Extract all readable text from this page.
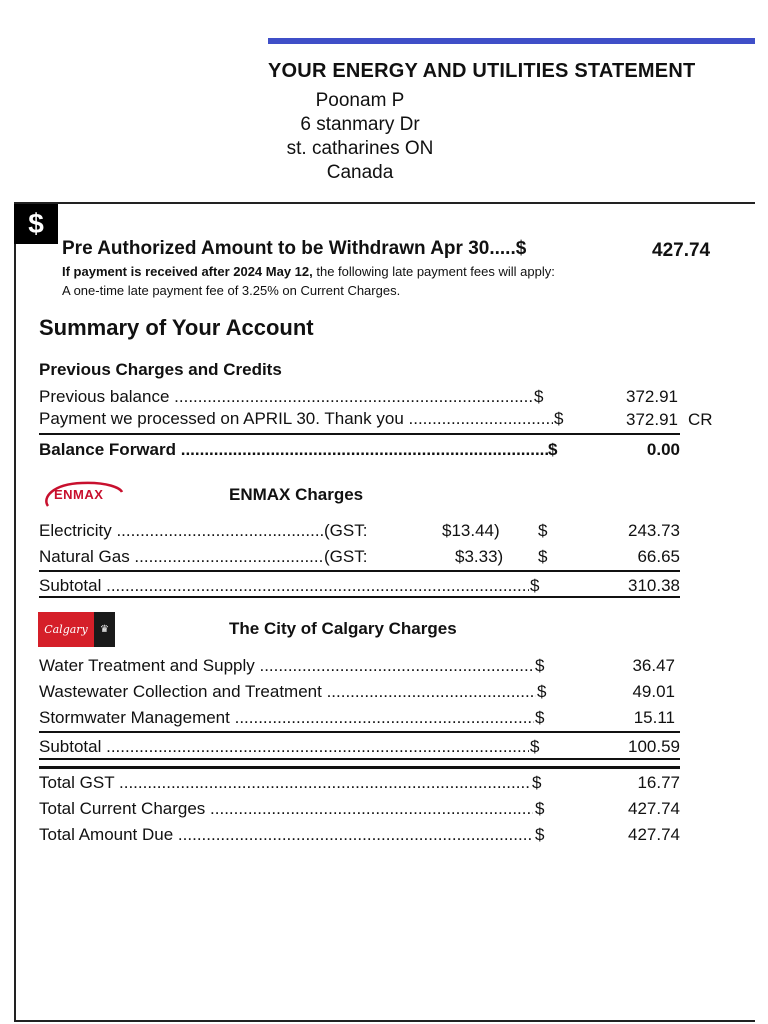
YOUR ENERGY AND UTILITIES STATEMENT
Poonam P
6 stanmary Dr
st. catharines ON
Canada
$
Pre Authorized Amount to be Withdrawn Apr 30.....$	427.74
If payment is received after 2024 May 12, the following late payment fees will apply:
A one-time late payment fee of 3.25% on Current Charges.
Summary of Your Account
Previous Charges and Credits
Previous balance .....	$	372.91
Payment we processed on APRIL 30. Thank you .....	$	372.91 CR
Balance Forward .....	$	0.00
ENMAX	ENMAX Charges
Electricity .....	(GST:	$13.44) $	243.73
Natural Gas .....	(GST:	$3.33) $	66.65
Subtotal .....	$	310.38
Calgary	♛	The City of Calgary Charges
Water Treatment and Supply .....	$	36.47
Wastewater Collection and Treatment .....	$	49.01
Stormwater Management .....	$	15.11
Subtotal .....	$	100.59
Total GST .....	$	16.77
Total Current Charges .....	$	427.74
Total Amount Due .....	$	427.74
